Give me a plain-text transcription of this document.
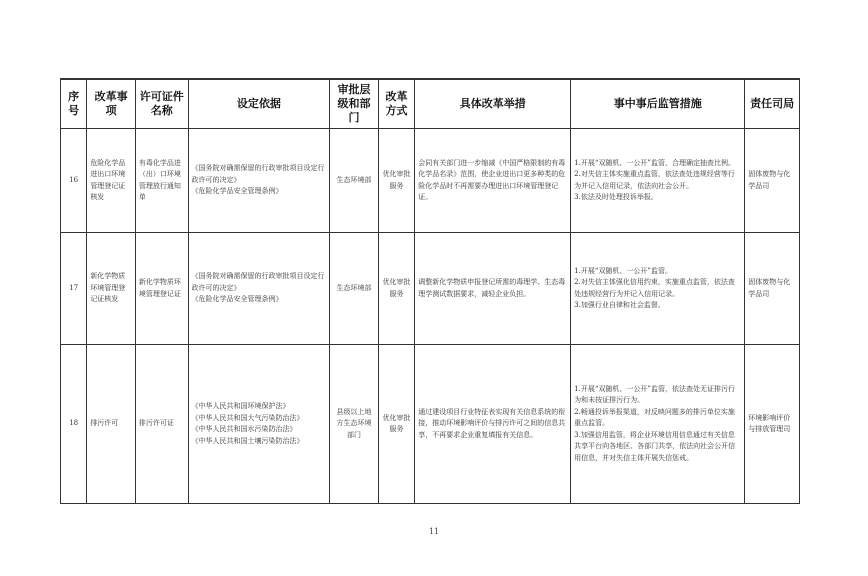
序号	改革事项	许可证件名称	设定依据	审批层级和部门	改革方式	具体改革举措	事中事后监管措施	责任司局
16	危险化学品进出口环境管理登记证核发	有毒化学品进（出）口环境管理放行通知单	《国务院对确需保留的行政审批项目设定行政许可的决定》
《危险化学品安全管理条例》	生态环境部	优化审批服务	会同有关部门进一步缩减《中国严格限制的有毒化学品名录》范围，使企业进出口更多种类的危险化学品时不再需要办理进出口环境管理登记证。	1.开展“双随机、一公开”监管，合理确定抽查比例。
2.对失信主体实施重点监管，依法查处违规经营等行为并记入信用记录，依法向社会公开。
3.依法及时处理投诉举报。	固体废物与化学品司
17	新化学物质环境管理登记证核发	新化学物质环境管理登记证	《国务院对确需保留的行政审批项目设定行政许可的决定》
《危险化学品安全管理条例》	生态环境部	优化审批服务	调整新化学物质申报登记所需的毒理学、生态毒理学测试数据要求，减轻企业负担。	1.开展“双随机、一公开”监管。
2.对失信主体强化信用约束，实施重点监管，依法查处违规经营行为并记入信用记录。
3.加强行业自律和社会监督。	固体废物与化学品司
18	排污许可	排污许可证	《中华人民共和国环境保护法》
《中华人民共和国大气污染防治法》
《中华人民共和国水污染防治法》
《中华人民共和国土壤污染防治法》	县级以上地方生态环境部门	优化审批服务	通过建设项目行业特征表实现有关信息系统的衔接，推动环境影响评价与排污许可之间的信息共享，不再要求企业重复填报有关信息。	1.开展“双随机、一公开”监管，依法查处无证排污行为和未按证排污行为。
2.畅通投诉举报渠道，对反映问题多的排污单位实施重点监管。
3.加强信用监管，将企业环境信用信息通过有关信息共享平台向各地区、各部门共享，依法向社会公开信用信息，并对失信主体开展失信惩戒。	环境影响评价与排放管理司
11
